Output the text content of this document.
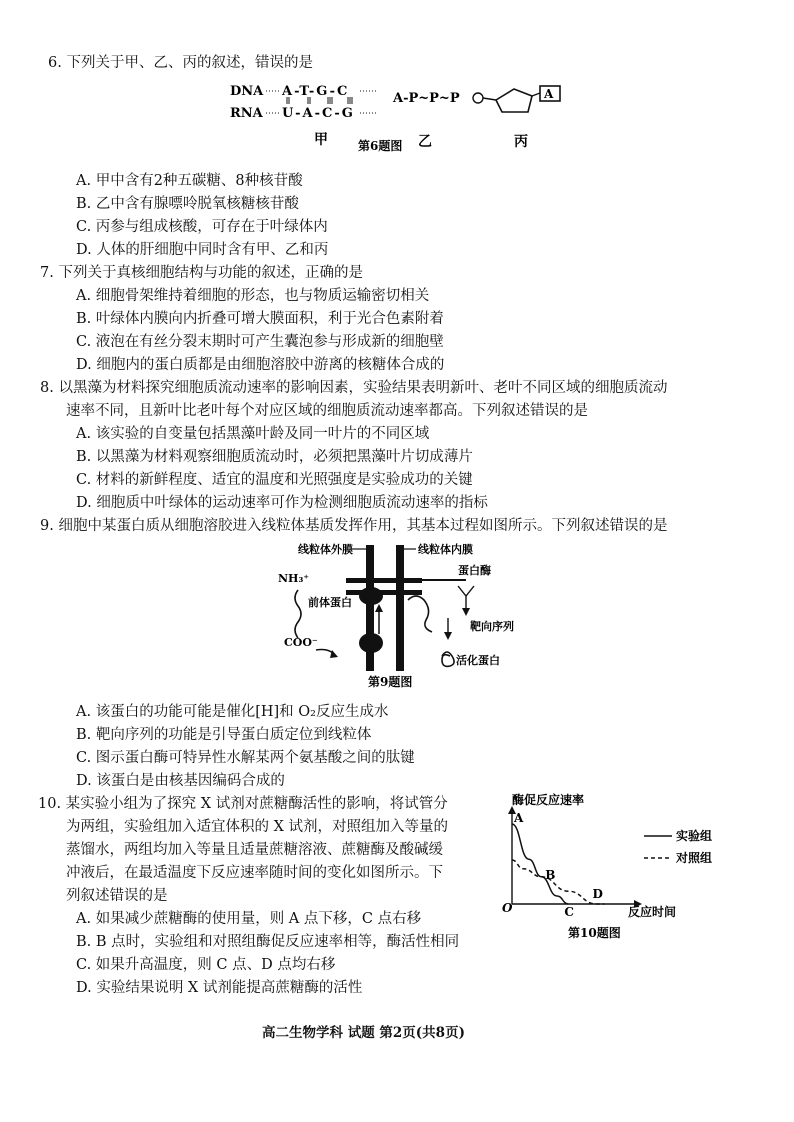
6. 下列关于甲、乙、丙的叙述，错误的是
DNA
RNA
A-T-G-C
U-A-C-G
A-P~P~P	A
甲	乙	丙
第6题图
A. 甲中含有2种五碳糖、8种核苷酸
B. 乙中含有腺嘌呤脱氧核糖核苷酸
C. 丙参与组成核酸，可存在于叶绿体内
D. 人体的肝细胞中同时含有甲、乙和丙
7. 下列关于真核细胞结构与功能的叙述，正确的是
A. 细胞骨架维持着细胞的形态，也与物质运输密切相关
B. 叶绿体内膜向内折叠可增大膜面积，利于光合色素附着
C. 液泡在有丝分裂末期时可产生囊泡参与形成新的细胞壁
D. 细胞内的蛋白质都是由细胞溶胶中游离的核糖体合成的
8. 以黑藻为材料探究细胞质流动速率的影响因素，实验结果表明新叶、老叶不同区域的细胞质流动
速率不同，且新叶比老叶每个对应区域的细胞质流动速率都高。下列叙述错误的是
A. 该实验的自变量包括黑藻叶龄及同一叶片的不同区域
B. 以黑藻为材料观察细胞质流动时，必须把黑藻叶片切成薄片
C. 材料的新鲜程度、适宜的温度和光照强度是实验成功的关键
D. 细胞质中叶绿体的运动速率可作为检测细胞质流动速率的指标
9. 细胞中某蛋白质从细胞溶胶进入线粒体基质发挥作用，其基本过程如图所示。下列叙述错误的是
线粒体外膜	线粒体内膜
NH₃⁺
前体蛋白
COO⁻
蛋白酶
靶向序列
活化蛋白
第9题图
A. 该蛋白的功能可能是催化[H]和 O₂反应生成水
B. 靶向序列的功能是引导蛋白质定位到线粒体
C. 图示蛋白酶可特异性水解某两个氨基酸之间的肽键
D. 该蛋白是由核基因编码合成的
10. 某实验小组为了探究 X 试剂对蔗糖酶活性的影响，将试管分
为两组，实验组加入适宜体积的 X 试剂，对照组加入等量的
蒸馏水，两组均加入等量且适量蔗糖溶液、蔗糖酶及酸碱缓
冲液后，在最适温度下反应速率随时间的变化如图所示。下
列叙述错误的是
A. 如果减少蔗糖酶的使用量，则 A 点下移，C 点右移
B. B 点时，实验组和对照组酶促反应速率相等，酶活性相同
C. 如果升高温度，则 C 点、D 点均右移
D. 实验结果说明 X 试剂能提高蔗糖酶的活性
酶促反应速率
反应时间
O
实验组
对照组
第10题图
A
B
C
D
高二生物学科 试题 第2页(共8页)
